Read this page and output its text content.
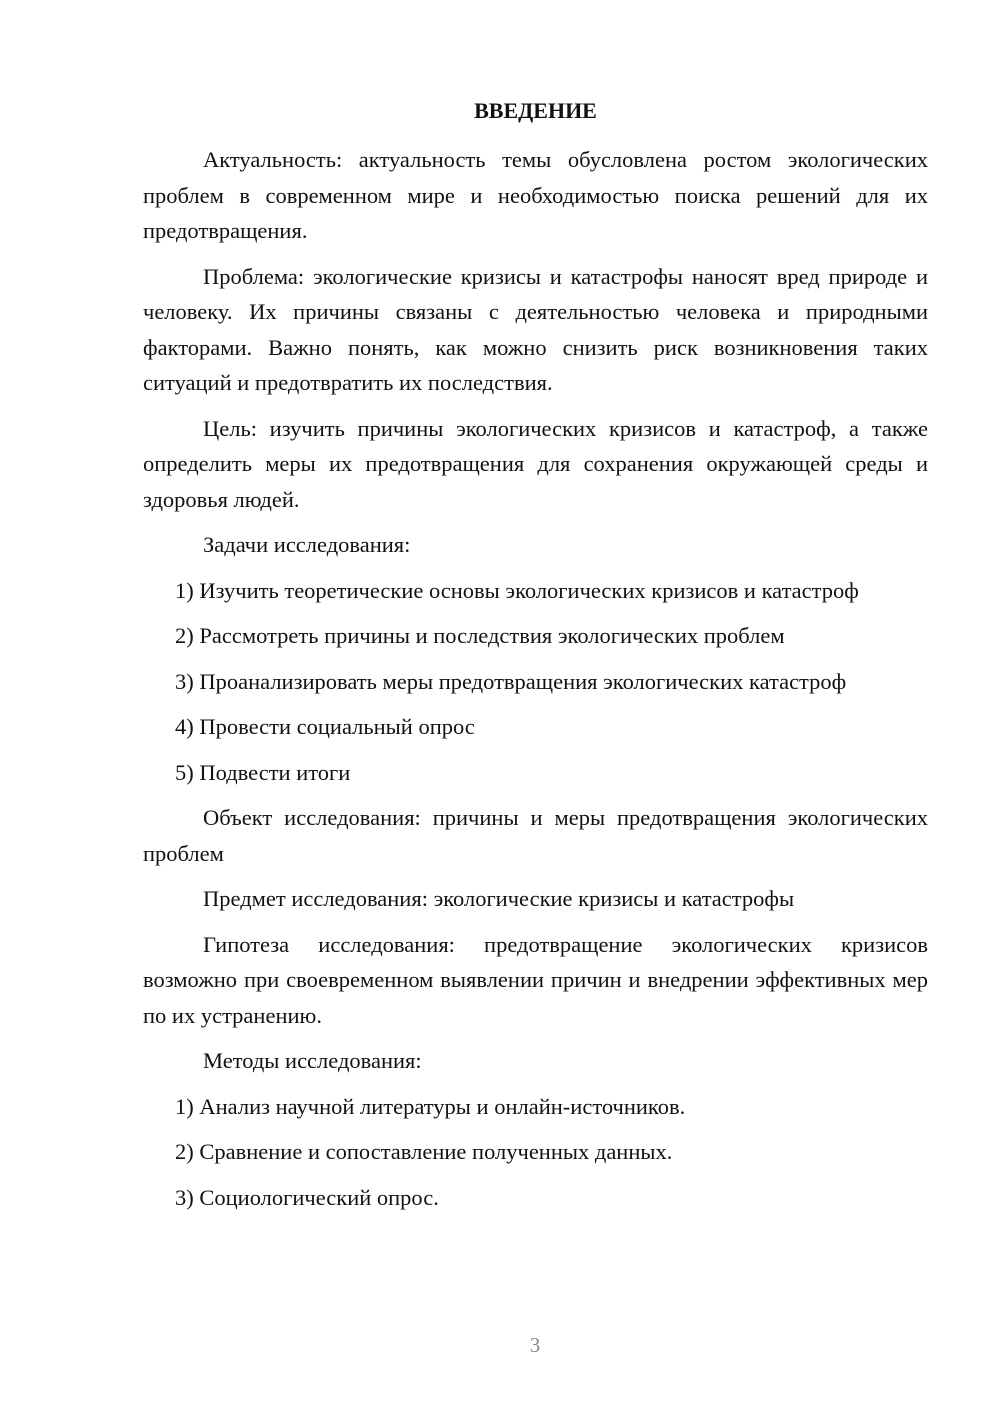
ВВЕДЕНИЕ

Актуальность: актуальность темы обусловлена ростом экологических проблем в современном мире и необходимостью поиска решений для их предотвращения.

Проблема: экологические кризисы и катастрофы наносят вред природе и человеку. Их причины связаны с деятельностью человека и природными факторами. Важно понять, как можно снизить риск возникновения таких ситуаций и предотвратить их последствия.

Цель: изучить причины экологических кризисов и катастроф, а также определить меры их предотвращения для сохранения окружающей среды и здоровья людей.

Задачи исследования:

1) Изучить теоретические основы экологических кризисов и катастроф
2) Рассмотреть причины и последствия экологических проблем
3) Проанализировать меры предотвращения экологических катастроф
4) Провести социальный опрос
5) Подвести итоги

Объект исследования: причины и меры предотвращения экологических проблем

Предмет исследования: экологические кризисы и катастрофы

Гипотеза исследования: предотвращение экологических кризисов возможно при своевременном выявлении причин и внедрении эффективных мер по их устранению.

Методы исследования:

1) Анализ научной литературы и онлайн-источников.
2) Сравнение и сопоставление полученных данных.
3) Социологический опрос.
3
